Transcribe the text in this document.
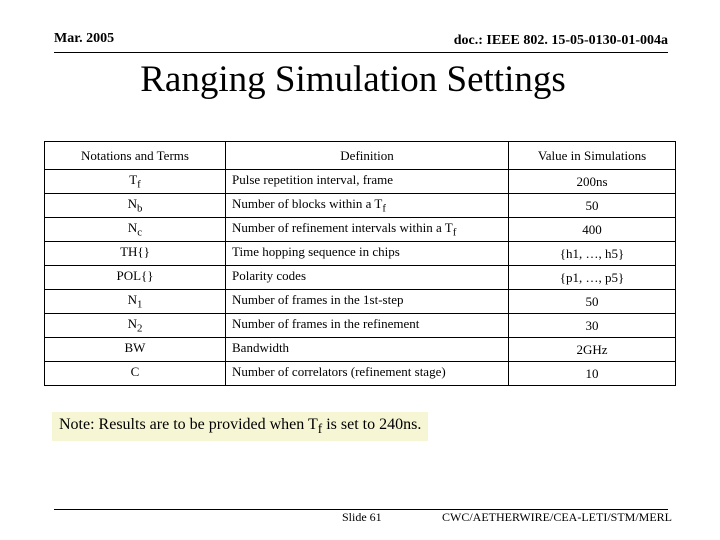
Mar. 2005	doc.: IEEE 802. 15-05-0130-01-004a
Ranging Simulation Settings
Notations and Terms	Definition	Value in Simulations
$T_f$	Pulse repetition interval, frame	200ns
$N_b$	Number of blocks within a $T_f$	50
$N_c$	Number of refinement intervals within a $T_f$	400
TH{}	Time hopping sequence in chips	{h1, …, h5}
POL{}	Polarity codes	{p1, …, p5}
$N_1$	Number of frames in the 1st-step	50
$N_2$	Number of frames in the refinement	30
BW	Bandwidth	2GHz
C	Number of correlators (refinement stage)	10
Note: Results are to be provided when $T_f$ is set to 240ns.
Slide 61	CWC/AETHERWIRE/CEA-LETI/STM/MERL
